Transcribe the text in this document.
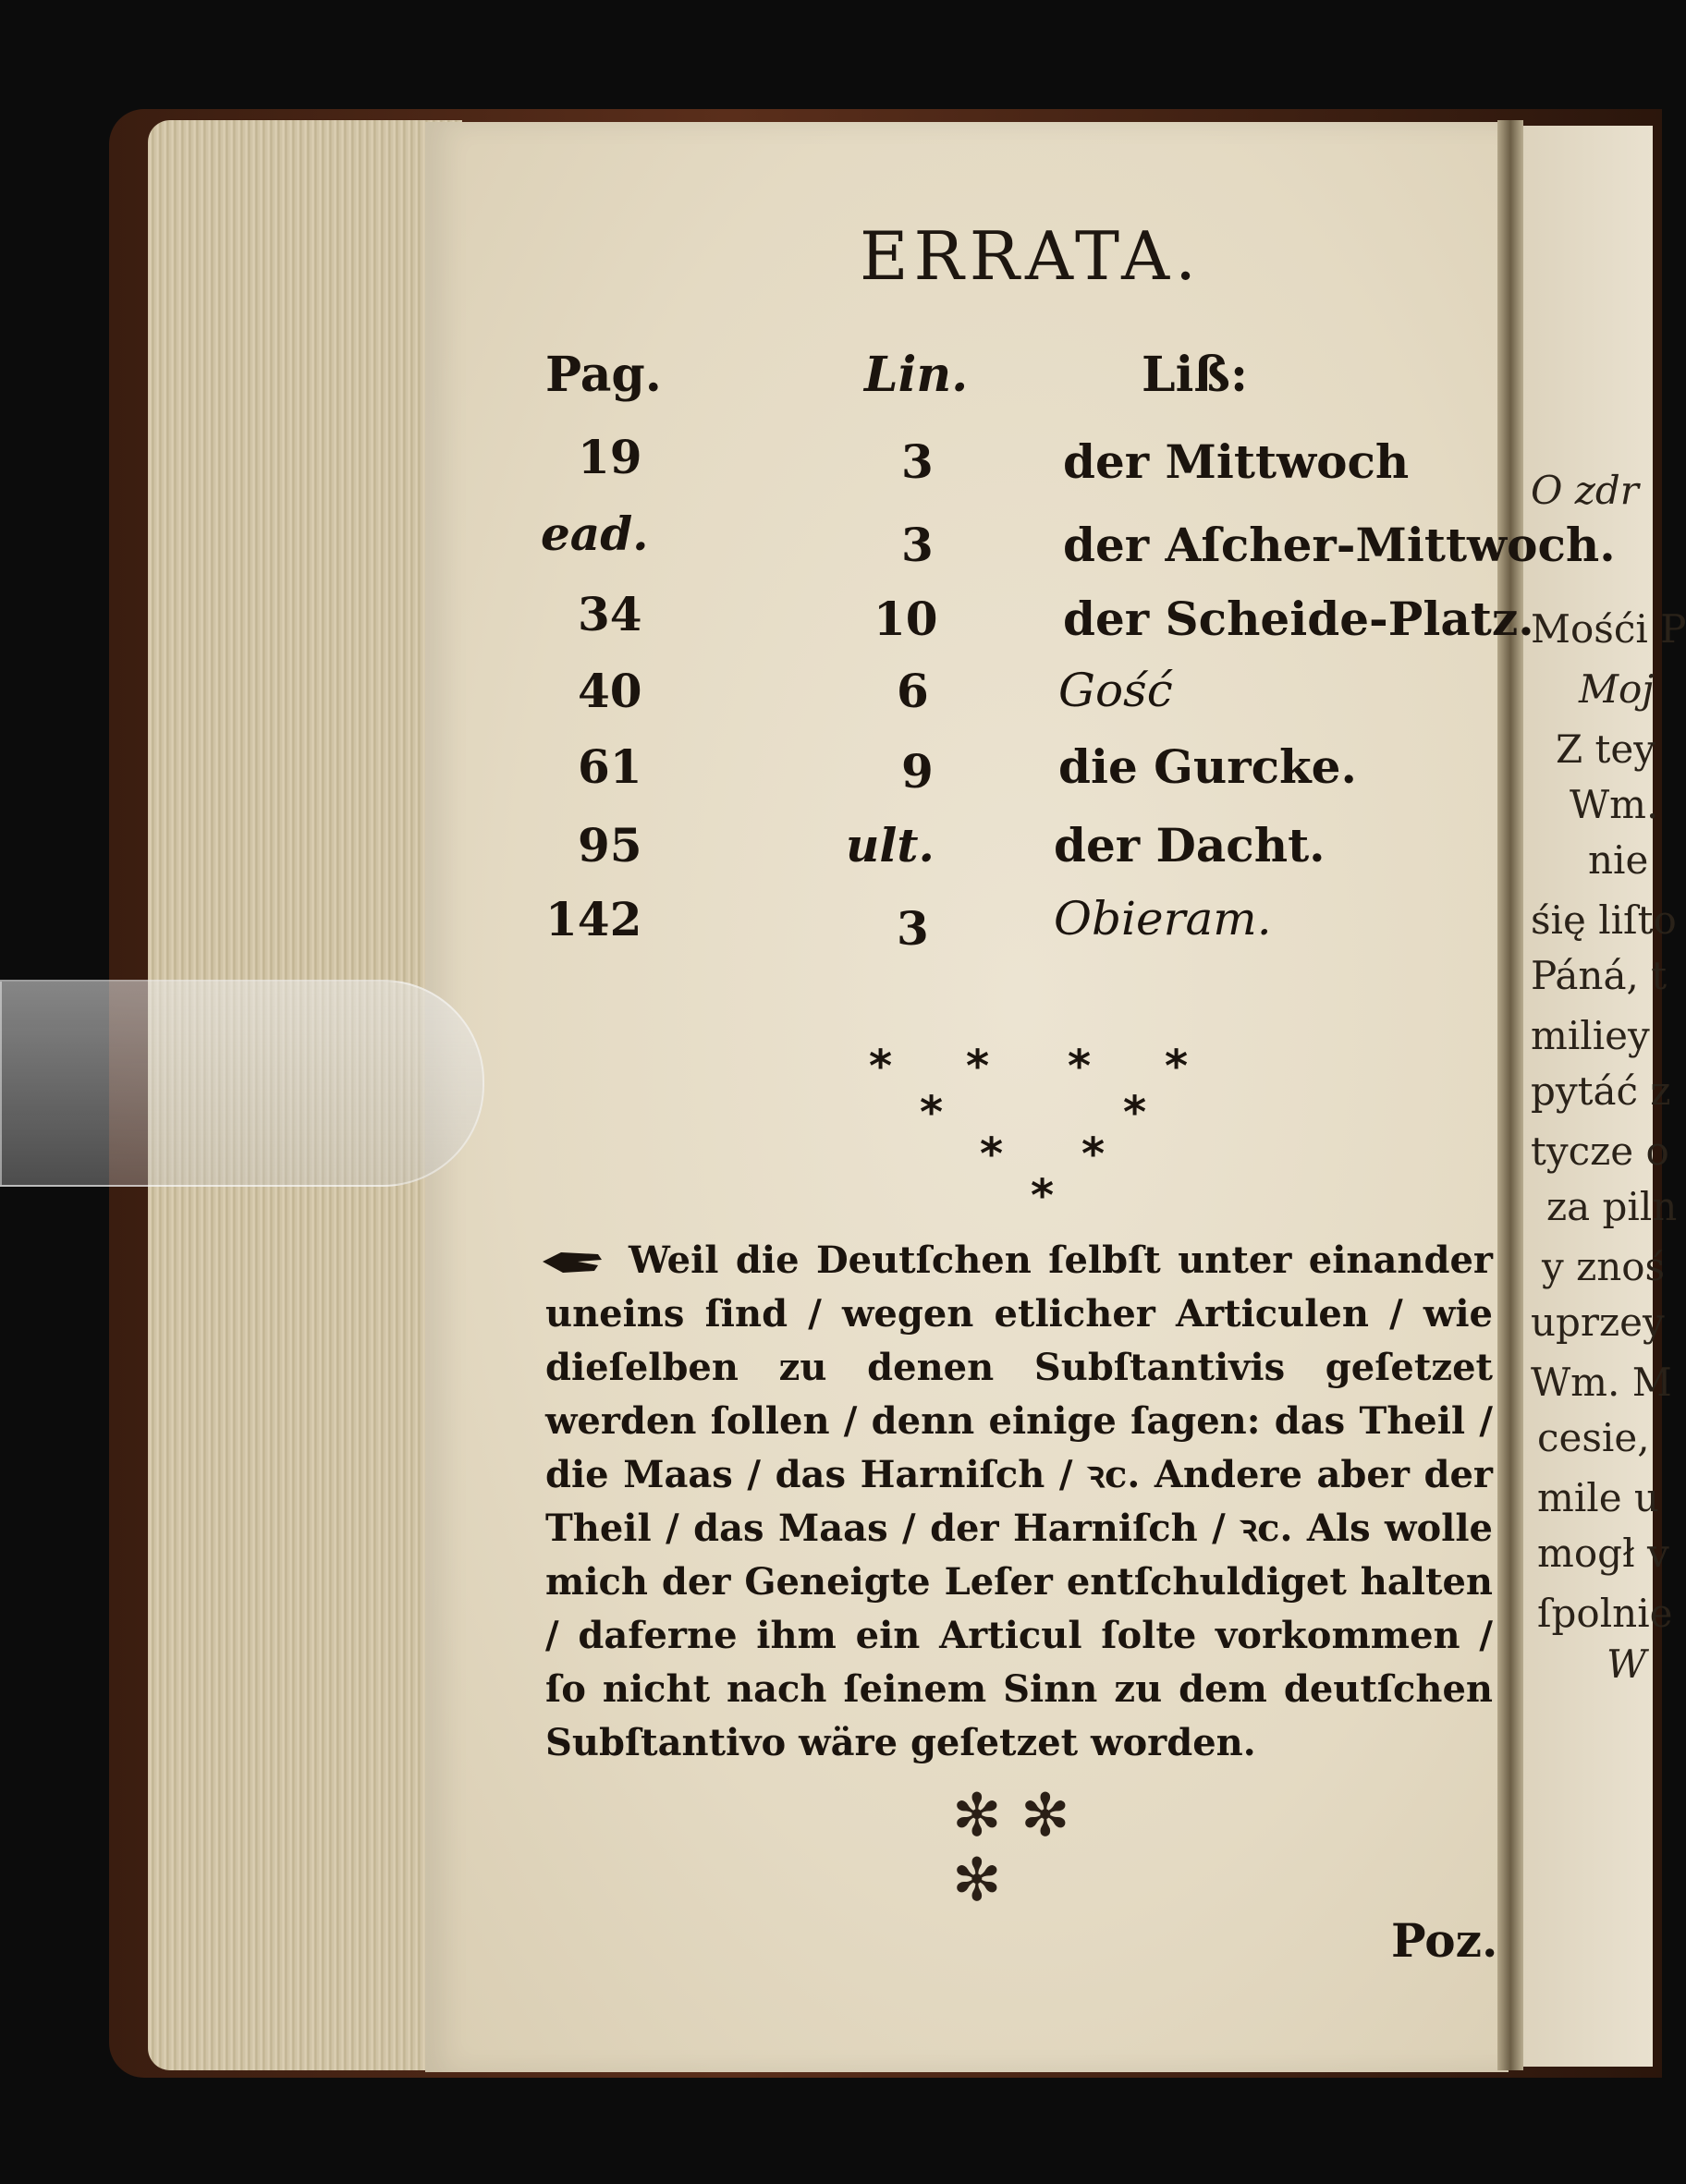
O zdr
Mośći P
Moj
Z tey
Wm.
nie
śię liſto
Páná, t
miliey
pytáć z
tycze o
za piln
y znoś
uprzey
Wm. M
cesie,
mile u
mogł v
ſpolnie
W
ERRATA.
Pag.	Lin.	Liß:
19	3	der Mittwoch
ead.	3	der Aſcher-Mittwoch.
34	10	der Scheide-Platz.
40	6	Gość
61	9	die Gurcke.
95	ult.	der Dacht.
142	3	Obieram.
* * * *
*	*
* *
*
Weil die Deutſchen ſelbſt unter einander uneins ſind / wegen etlicher Articulen / wie dieſelben zu denen Subſtantivis geſetzet werden ſollen / denn einige ſagen: das Theil / die Maas / das Harniſch / ꝛc. Andere aber der Theil / das Maas / der Harniſch / ꝛc. Als wolle mich der Geneigte Leſer entſchuldiget halten / daferne ihm ein Articul ſolte vorkommen / ſo nicht nach ſeinem Sinn zu dem deutſchen Subſtantivo wäre geſetzet worden.
✻ ✻
✻
Poz.
